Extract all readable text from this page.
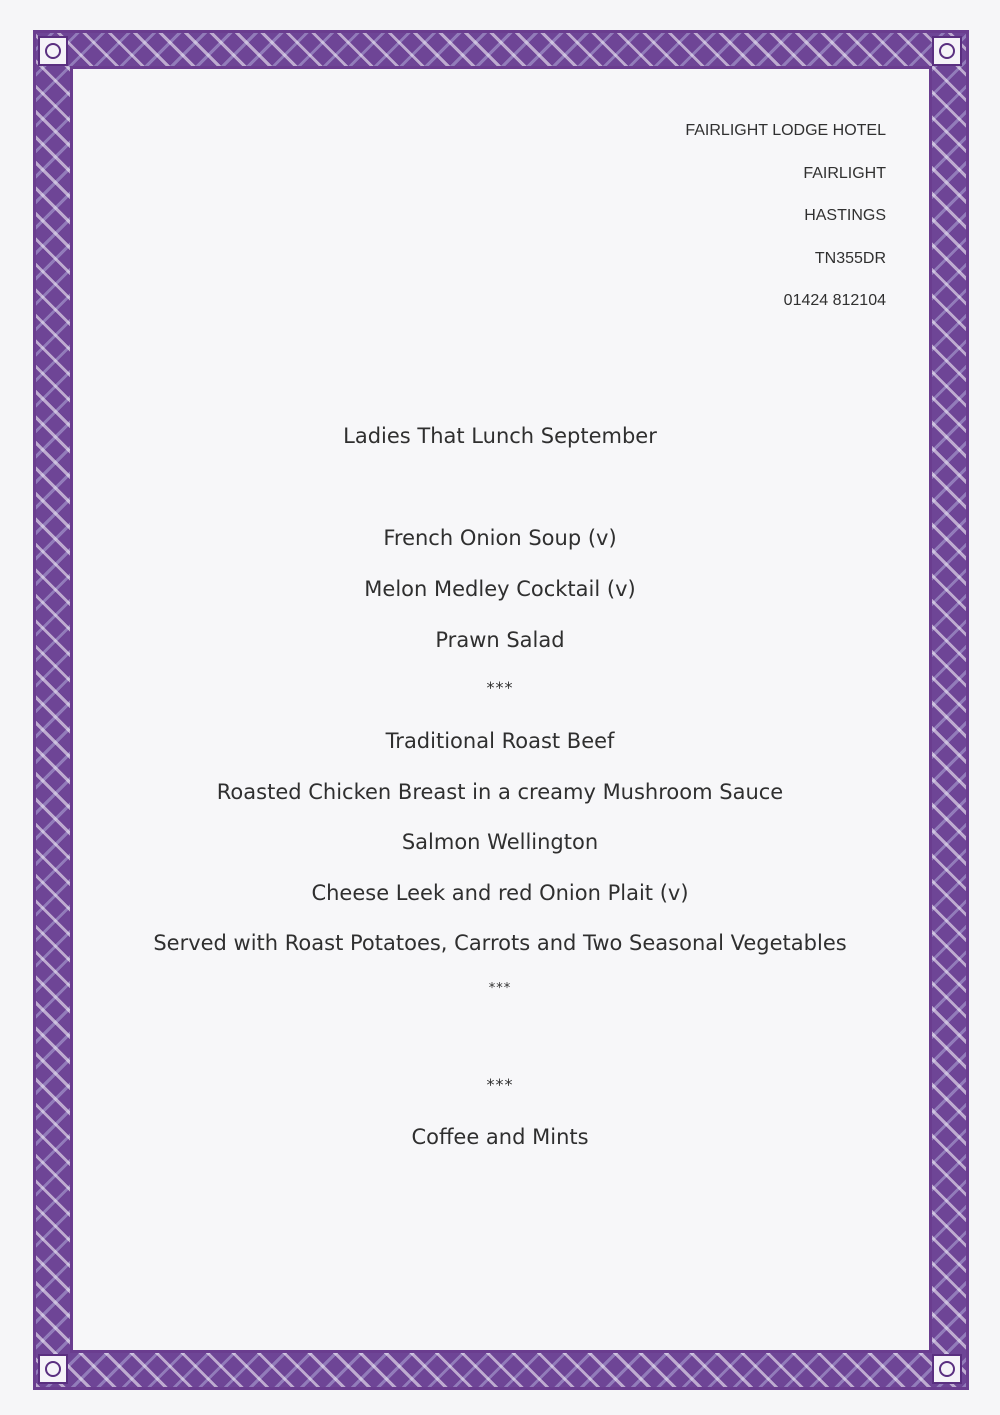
FAIRLIGHT LODGE HOTEL
FAIRLIGHT
HASTINGS
TN355DR
01424 812104
Ladies That Lunch September
French Onion Soup (v)
Melon Medley Cocktail (v)
Prawn Salad
***
Traditional Roast Beef
Roasted Chicken Breast in a creamy Mushroom Sauce
Salmon Wellington
Cheese Leek and red Onion Plait (v)
Served with Roast Potatoes, Carrots and Two Seasonal Vegetables
***
***
Coffee and Mints
